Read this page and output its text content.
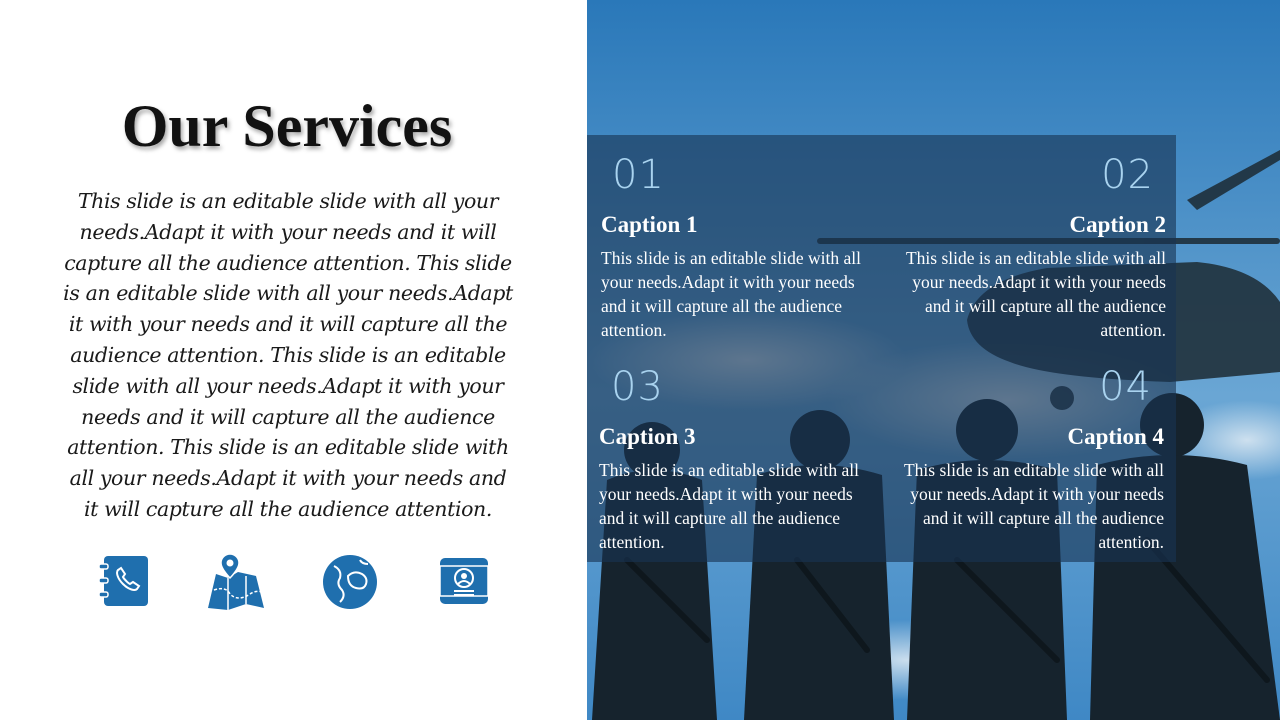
Our Services

This slide is an editable slide with all your needs.Adapt it with your needs and it will capture all the audience attention. This slide is an editable slide with all your needs.Adapt it with your needs and it will capture all the audience attention. This slide is an editable slide with all your needs.Adapt it with your needs and it will capture all the audience attention. This slide is an editable slide with all your needs.Adapt it with your needs and it will capture all the audience attention.

01
Caption 1
This slide is an editable slide with all your needs.Adapt it with your needs and it will capture all the audience attention.
02
Caption 2
This slide is an editable slide with all your needs.Adapt it with your needs and it will capture all the audience attention.
03
Caption 3
This slide is an editable slide with all your needs.Adapt it with your needs and it will capture all the audience attention.
04
Caption 4
This slide is an editable slide with all your needs.Adapt it with your needs and it will capture all the audience attention.
